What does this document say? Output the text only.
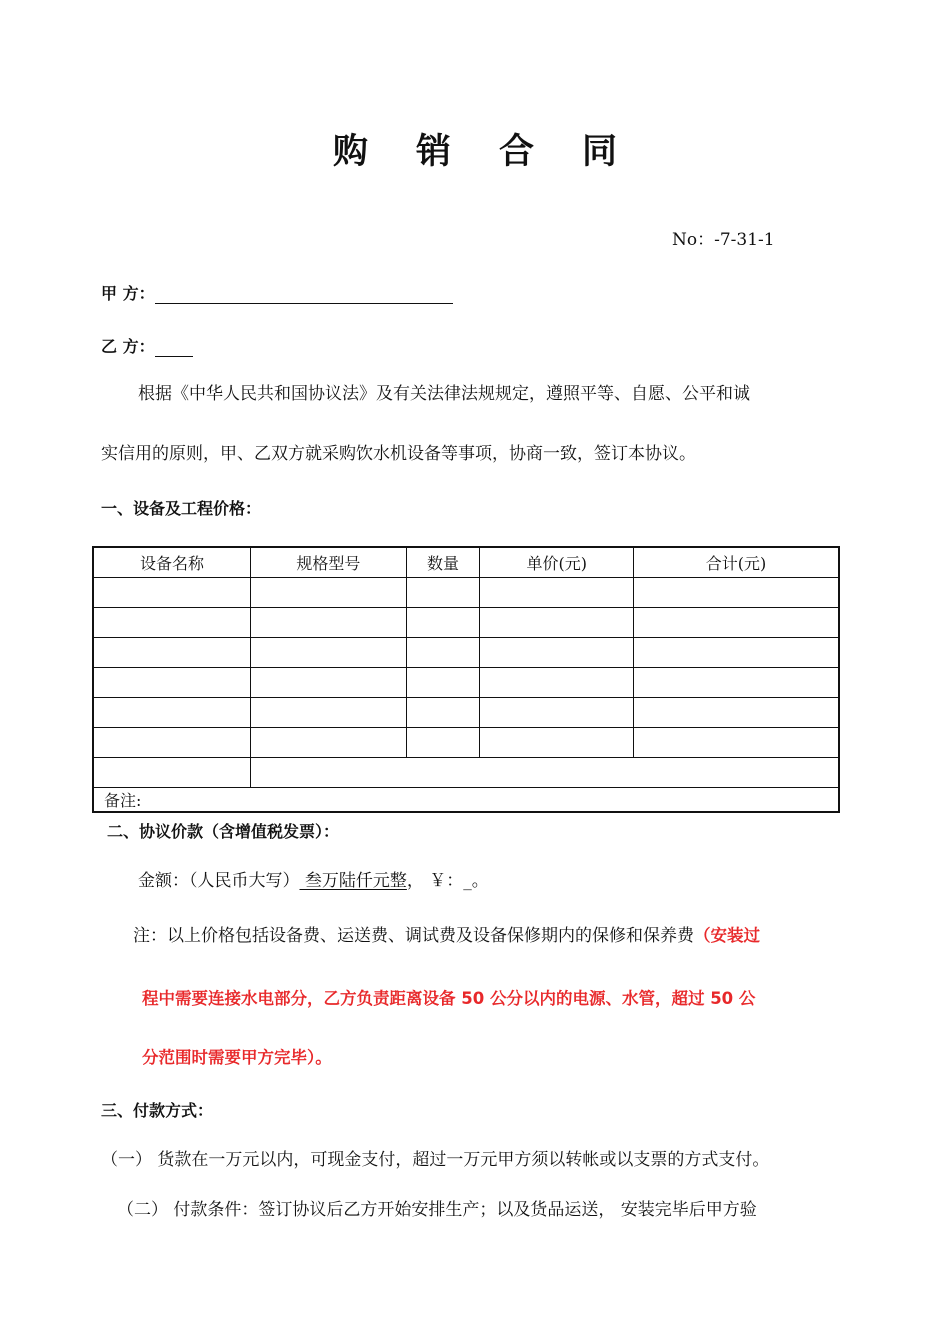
购 销 合 同
No：-7-31-1
甲 方：
乙 方：
根据《中华人民共和国协议法》及有关法律法规规定，遵照平等、自愿、公平和诚
实信用的原则，甲、乙双方就采购饮水机设备等事项，协商一致，签订本协议。
一、设备及工程价格：
设备名称	规格型号	数量	单价(元)	合计(元)

备注:				
二、协议价款（含增值税发票）：
金额：（人民币大写） 叁万陆仟元整， ￥：_。
注：以上价格包括设备费、运送费、调试费及设备保修期内的保修和保养费（安装过
程中需要连接水电部分，乙方负责距离设备 50 公分以内的电源、水管，超过 50 公
分范围时需要甲方完毕）。
三、付款方式：
（一） 货款在一万元以内，可现金支付，超过一万元甲方须以转帐或以支票的方式支付。
（二） 付款条件：签订协议后乙方开始安排生产；以及货品运送， 安装完毕后甲方验
